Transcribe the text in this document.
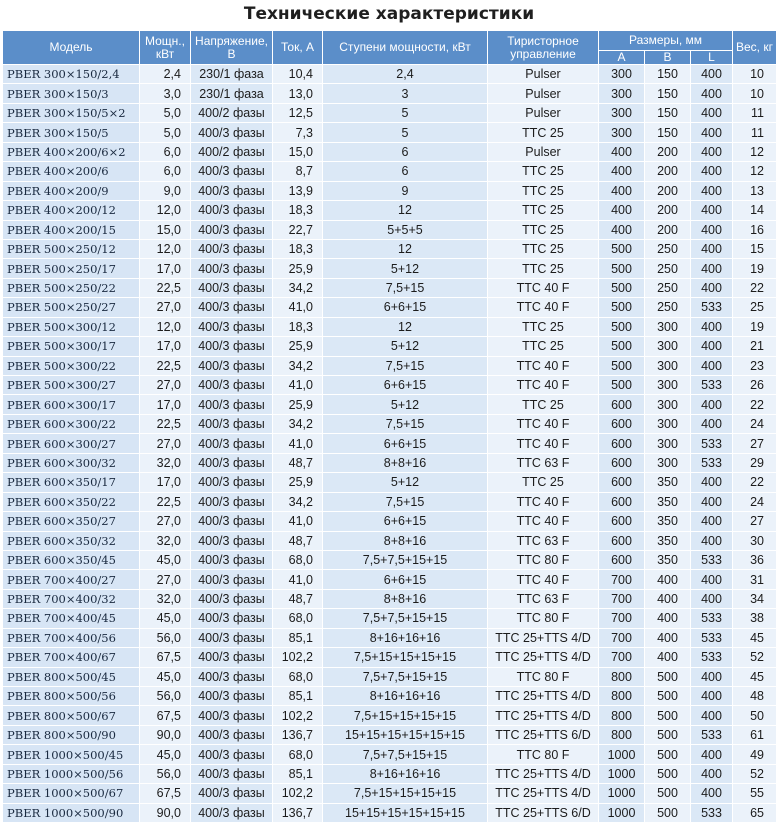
Технические характеристики
Модель	Мощн., кВт	Напряжение, В	Ток, А	Ступени мощности, кВт	Тиристорное управление	Размеры, мм			Вес, кг
						A	B	L	
PBER 300×150/2,4	2,4	230/1 фаза	10,4	2,4	Pulser	300	150	400	10
PBER 300×150/3	3,0	230/1 фаза	13,0	3	Pulser	300	150	400	10
PBER 300×150/5×2	5,0	400/2 фазы	12,5	5	Pulser	300	150	400	11
PBER 300×150/5	5,0	400/3 фазы	7,3	5	TTC 25	300	150	400	11
PBER 400×200/6×2	6,0	400/2 фазы	15,0	6	Pulser	400	200	400	12
PBER 400×200/6	6,0	400/3 фазы	8,7	6	TTC 25	400	200	400	12
PBER 400×200/9	9,0	400/3 фазы	13,9	9	TTC 25	400	200	400	13
PBER 400×200/12	12,0	400/3 фазы	18,3	12	TTC 25	400	200	400	14
PBER 400×200/15	15,0	400/3 фазы	22,7	5+5+5	TTC 25	400	200	400	16
PBER 500×250/12	12,0	400/3 фазы	18,3	12	TTC 25	500	250	400	15
PBER 500×250/17	17,0	400/3 фазы	25,9	5+12	TTC 25	500	250	400	19
PBER 500×250/22	22,5	400/3 фазы	34,2	7,5+15	TTC 40 F	500	250	400	22
PBER 500×250/27	27,0	400/3 фазы	41,0	6+6+15	TTC 40 F	500	250	533	25
PBER 500×300/12	12,0	400/3 фазы	18,3	12	TTC 25	500	300	400	19
PBER 500×300/17	17,0	400/3 фазы	25,9	5+12	TTC 25	500	300	400	21
PBER 500×300/22	22,5	400/3 фазы	34,2	7,5+15	TTC 40 F	500	300	400	23
PBER 500×300/27	27,0	400/3 фазы	41,0	6+6+15	TTC 40 F	500	300	533	26
PBER 600×300/17	17,0	400/3 фазы	25,9	5+12	TTC 25	600	300	400	22
PBER 600×300/22	22,5	400/3 фазы	34,2	7,5+15	TTC 40 F	600	300	400	24
PBER 600×300/27	27,0	400/3 фазы	41,0	6+6+15	TTC 40 F	600	300	533	27
PBER 600×300/32	32,0	400/3 фазы	48,7	8+8+16	TTC 63 F	600	300	533	29
PBER 600×350/17	17,0	400/3 фазы	25,9	5+12	TTC 25	600	350	400	22
PBER 600×350/22	22,5	400/3 фазы	34,2	7,5+15	TTC 40 F	600	350	400	24
PBER 600×350/27	27,0	400/3 фазы	41,0	6+6+15	TTC 40 F	600	350	400	27
PBER 600×350/32	32,0	400/3 фазы	48,7	8+8+16	TTC 63 F	600	350	400	30
PBER 600×350/45	45,0	400/3 фазы	68,0	7,5+7,5+15+15	TTC 80 F	600	350	533	36
PBER 700×400/27	27,0	400/3 фазы	41,0	6+6+15	TTC 40 F	700	400	400	31
PBER 700×400/32	32,0	400/3 фазы	48,7	8+8+16	TTC 63 F	700	400	400	34
PBER 700×400/45	45,0	400/3 фазы	68,0	7,5+7,5+15+15	TTC 80 F	700	400	533	38
PBER 700×400/56	56,0	400/3 фазы	85,1	8+16+16+16	TTC 25+TTS 4/D	700	400	533	45
PBER 700×400/67	67,5	400/3 фазы	102,2	7,5+15+15+15+15	TTC 25+TTS 4/D	700	400	533	52
PBER 800×500/45	45,0	400/3 фазы	68,0	7,5+7,5+15+15	TTC 80 F	800	500	400	45
PBER 800×500/56	56,0	400/3 фазы	85,1	8+16+16+16	TTC 25+TTS 4/D	800	500	400	48
PBER 800×500/67	67,5	400/3 фазы	102,2	7,5+15+15+15+15	TTC 25+TTS 4/D	800	500	400	50
PBER 800×500/90	90,0	400/3 фазы	136,7	15+15+15+15+15+15	TTC 25+TTS 6/D	800	500	533	61
PBER 1000×500/45	45,0	400/3 фазы	68,0	7,5+7,5+15+15	TTC 80 F	1000	500	400	49
PBER 1000×500/56	56,0	400/3 фазы	85,1	8+16+16+16	TTC 25+TTS 4/D	1000	500	400	52
PBER 1000×500/67	67,5	400/3 фазы	102,2	7,5+15+15+15+15	TTC 25+TTS 4/D	1000	500	400	55
PBER 1000×500/90	90,0	400/3 фазы	136,7	15+15+15+15+15+15	TTC 25+TTS 6/D	1000	500	533	65
